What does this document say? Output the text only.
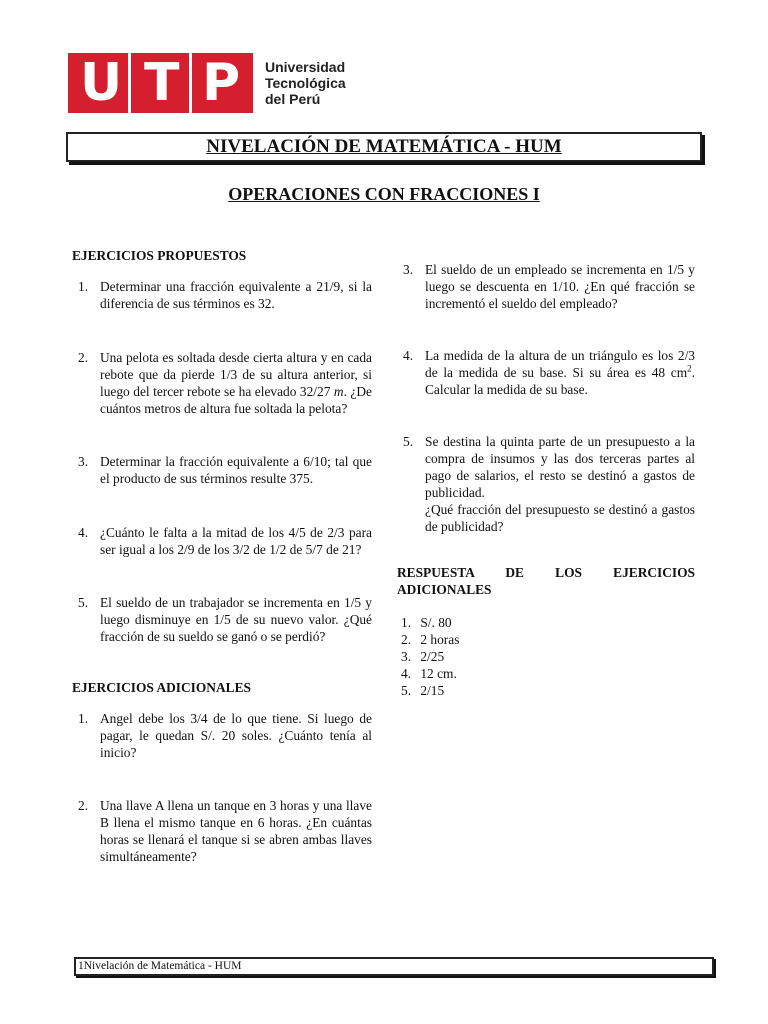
U T P Universidad
Tecnológica
del Perú
NIVELACIÓN DE MATEMÁTICA - HUM
OPERACIONES CON FRACCIONES I
EJERCICIOS PROPUESTOS
1. Determinar una fracción equivalente a 21/9, si la diferencia de sus términos es 32.
2. Una pelota es soltada desde cierta altura y en cada rebote que da pierde 1/3 de su altura anterior, si luego del tercer rebote se ha elevado 32/27 m. ¿De cuántos metros de altura fue soltada la pelota?
3. Determinar la fracción equivalente a 6/10; tal que el producto de sus términos resulte 375.
4. ¿Cuánto le falta a la mitad de los 4/5 de 2/3 para ser igual a los 2/9 de los 3/2 de 1/2 de 5/7 de 21?
5. El sueldo de un trabajador se incrementa en 1/5 y luego disminuye en 1/5 de su nuevo valor. ¿Qué fracción de su sueldo se ganó o se perdió?
EJERCICIOS ADICIONALES
1. Angel debe los 3/4 de lo que tiene. Si luego de pagar, le quedan S/. 20 soles. ¿Cuánto tenía al inicio?
2. Una llave A llena un tanque en 3 horas y una llave B llena el mismo tanque en 6 horas. ¿En cuántas horas se llenará el tanque si se abren ambas llaves simultáneamente?
3. El sueldo de un empleado se incrementa en 1/5 y luego se descuenta en 1/10. ¿En qué fracción se incrementó el sueldo del empleado?
4. La medida de la altura de un triángulo es los 2/3 de la medida de su base. Si su área es 48 $cm^2$. Calcular la medida de su base.
5. Se destina la quinta parte de un presupuesto a la compra de insumos y las dos terceras partes al pago de salarios, el resto se destinó a gastos de publicidad.
¿Qué fracción del presupuesto se destinó a gastos de publicidad?
RESPUESTA DE LOS EJERCICIOS ADICIONALES
1.
S/. 80
2.
2 horas
3.
2/25
4.
12 cm.
5.
2/15
1Nivelación de Matemática - HUM
